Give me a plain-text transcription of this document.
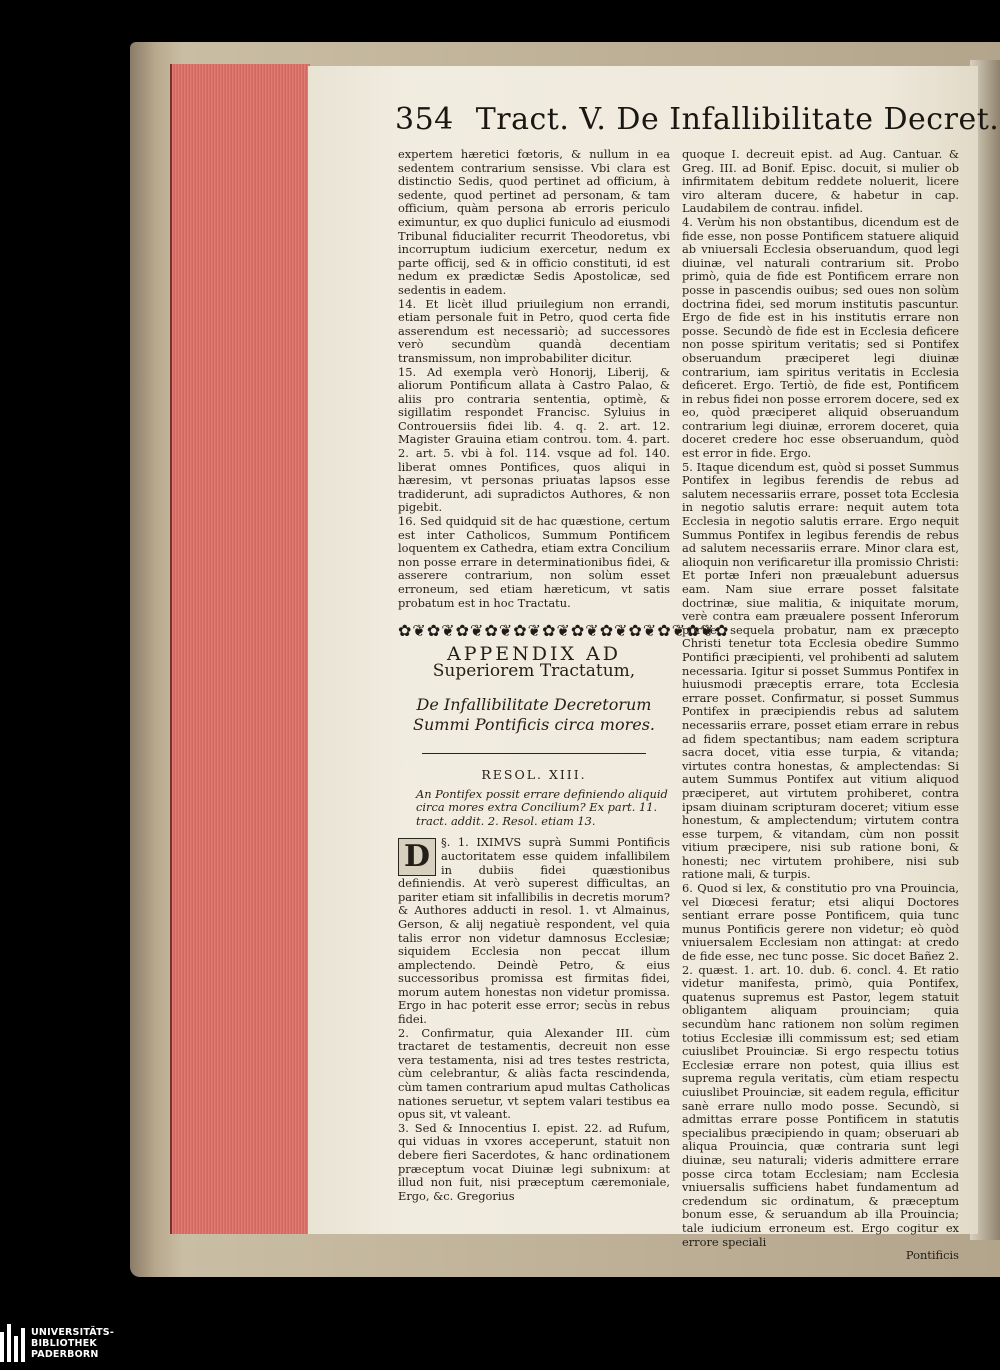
354 Tract. V. De Infallibilitate Decret.

expertem hæretici fœtoris, & nullum in ea sedentem contrarium sensisse. Vbi clara est distinctio Sedis, quod pertinet ad officium, à sedente, quod pertinet ad personam, & tam officium, quàm persona ab erroris periculo eximuntur, ex quo duplici funiculo ad eiusmodi Tribunal fiducialiter recurrit Theodoretus, vbi incorruptum iudicium exercetur, nedum ex parte officij, sed & in officio constituti, id est nedum ex prædictæ Sedis Apostolicæ, sed sedentis in eadem.

14. Et licèt illud priuilegium non errandi, etiam personale fuit in Petro, quod certa fide asserendum est necessariò; ad successores verò secundùm quandà decentiam transmissum, non improbabiliter dicitur.

15. Ad exempla verò Honorij, Liberij, & aliorum Pontificum allata à Castro Palao, & aliis pro contraria sententia, optimè, & sigillatim respondet Francisc. Syluius in Controuersiis fidei lib. 4. q. 2. art. 12. Magister Grauina etiam controu. tom. 4. part. 2. art. 5. vbi à fol. 114. vsque ad fol. 140. liberat omnes Pontifices, quos aliqui in hæresim, vt personas priuatas lapsos esse tradiderunt, adi supradictos Authores, & non pigebit.

16. Sed quidquid sit de hac quæstione, certum est inter Catholicos, Summum Pontificem loquentem ex Cathedra, etiam extra Concilium non posse errare in determinationibus fidei, & asserere contrarium, non solùm esset erroneum, sed etiam hæreticum, vt satis probatum est in hoc Tractatu.

✿❦✿❦✿❦✿❦✿❦✿❦✿❦✿❦✿❦✿❦✿❦✿
APPENDIX AD
Superiorem Tractatum,
De Infallibilitate Decretorum Summi Pontificis circa mores.
RESOL. XIII.
An Pontifex possit errare definiendo aliquid circa mores extra Concilium? Ex part. 11. tract. addit. 2. Resol. etiam 13.

§. 1.
D	IXIMVS suprà Summi Pontificis auctoritatem esse quidem infallibilem in dubiis fidei quæstionibus definiendis. At verò superest difficultas, an pariter etiam sit infallibilis in decretis morum? & Authores adducti in resol. 1. vt Almainus, Gerson, & alij negatiuè respondent, vel quia talis error non videtur damnosus Ecclesiæ; siquidem Ecclesia non peccat illum amplectendo. Deindè Petro, & eius successoribus promissa est firmitas fidei, morum autem honestas non videtur promissa. Ergo in hac poterit esse error; secùs in rebus fidei.

2. Confirmatur, quia Alexander III. cùm tractaret de testamentis, decreuit non esse vera testamenta, nisi ad tres testes restricta, cùm celebrantur, & aliàs facta rescindenda, cùm tamen contrarium apud multas Catholicas nationes seruetur, vt septem valari testibus ea opus sit, vt valeant.

3. Sed & Innocentius I. epist. 22. ad Rufum, qui viduas in vxores acceperunt, statuit non debere fieri Sacerdotes, & hanc ordinationem præceptum vocat Diuinæ legi subnixum: at illud non fuit, nisi præceptum cæremoniale, Ergo, &c. Gregorius

quoque I. decreuit epist. ad Aug. Cantuar. & Greg. III. ad Bonif. Episc. docuit, si mulier ob infirmitatem debitum reddete noluerit, licere viro alteram ducere, & habetur in cap. Laudabilem de contrau. infidel.

4. Verùm his non obstantibus, dicendum est de fide esse, non posse Pontificem statuere aliquid ab vniuersali Ecclesia obseruandum, quod legi diuinæ, vel naturali contrarium sit. Probo primò, quia de fide est Pontificem errare non posse in pascendis ouibus; sed oues non solùm doctrina fidei, sed morum institutis pascuntur. Ergo de fide est in his institutis errare non posse. Secundò de fide est in Ecclesia deficere non posse spiritum veritatis; sed si Pontifex obseruandum præciperet legi diuinæ contrarium, iam spiritus veritatis in Ecclesia deficeret. Ergo. Tertiò, de fide est, Pontificem in rebus fidei non posse errorem docere, sed ex eo, quòd præciperet aliquid obseruandum contrarium legi diuinæ, errorem doceret, quia doceret credere hoc esse obseruandum, quòd est error in fide. Ergo.

5. Itaque dicendum est, quòd si posset Summus Pontifex in legibus ferendis de rebus ad salutem necessariis errare, posset tota Ecclesia in negotio salutis errare: nequit autem tota Ecclesia in negotio salutis errare. Ergo nequit Summus Pontifex in legibus ferendis de rebus ad salutem necessariis errare. Minor clara est, alioquin non verificaretur illa promissio Christi: Et portæ Inferi non præualebunt aduersus eam. Nam siue errare posset falsitate doctrinæ, siue malitia, & iniquitate morum, verè contra eam præualere possent Inferorum portæ: sequela probatur, nam ex præcepto Christi tenetur tota Ecclesia obedire Summo Pontifici præcipienti, vel prohibenti ad salutem necessaria. Igitur si posset Summus Pontifex in huiusmodi præceptis errare, tota Ecclesia errare posset. Confirmatur, si posset Summus Pontifex in præcipiendis rebus ad salutem necessariis errare, posset etiam errare in rebus ad fidem spectantibus; nam eadem scriptura sacra docet, vitia esse turpia, & vitanda; virtutes contra honestas, & amplectendas: Si autem Summus Pontifex aut vitium aliquod præciperet, aut virtutem prohiberet, contra ipsam diuinam scripturam doceret; vitium esse honestum, & amplectendum; virtutem contra esse turpem, & vitandam, cùm non possit vitium præcipere, nisi sub ratione boni, & honesti; nec virtutem prohibere, nisi sub ratione mali, & turpis.

6. Quod si lex, & constitutio pro vna Prouincia, vel Diœcesi feratur; etsi aliqui Doctores sentiant errare posse Pontificem, quia tunc munus Pontificis gerere non videtur; eò quòd vniuersalem Ecclesiam non attingat: at credo de fide esse, nec tunc posse. Sic docet Bañez 2. 2. quæst. 1. art. 10. dub. 6. concl. 4. Et ratio videtur manifesta, primò, quia Pontifex, quatenus supremus est Pastor, legem statuit obligantem aliquam prouinciam; quia secundùm hanc rationem non solùm regimen totius Ecclesiæ illi commissum est; sed etiam cuiuslibet Prouinciæ. Si ergo respectu totius Ecclesiæ errare non potest, quia illius est suprema regula veritatis, cùm etiam respectu cuiuslibet Prouinciæ, sit eadem regula, efficitur sanè errare nullo modo posse. Secundò, si admittas errare posse Pontificem in statutis specialibus præcipiendo in quam; obseruari ab aliqua Prouincia, quæ contraria sunt legi diuinæ, seu naturali; videris admittere errare posse circa totam Ecclesiam; nam Ecclesia vniuersalis sufficiens habet fundamentum ad credendum sic ordinatum, & præceptum bonum esse, & seruandum ab illa Prouincia; tale iudicium erroneum est. Ergo cogitur ex errore speciali

Pontificis

UNIVERSITÄTS-
BIBLIOTHEK
PADERBORN
